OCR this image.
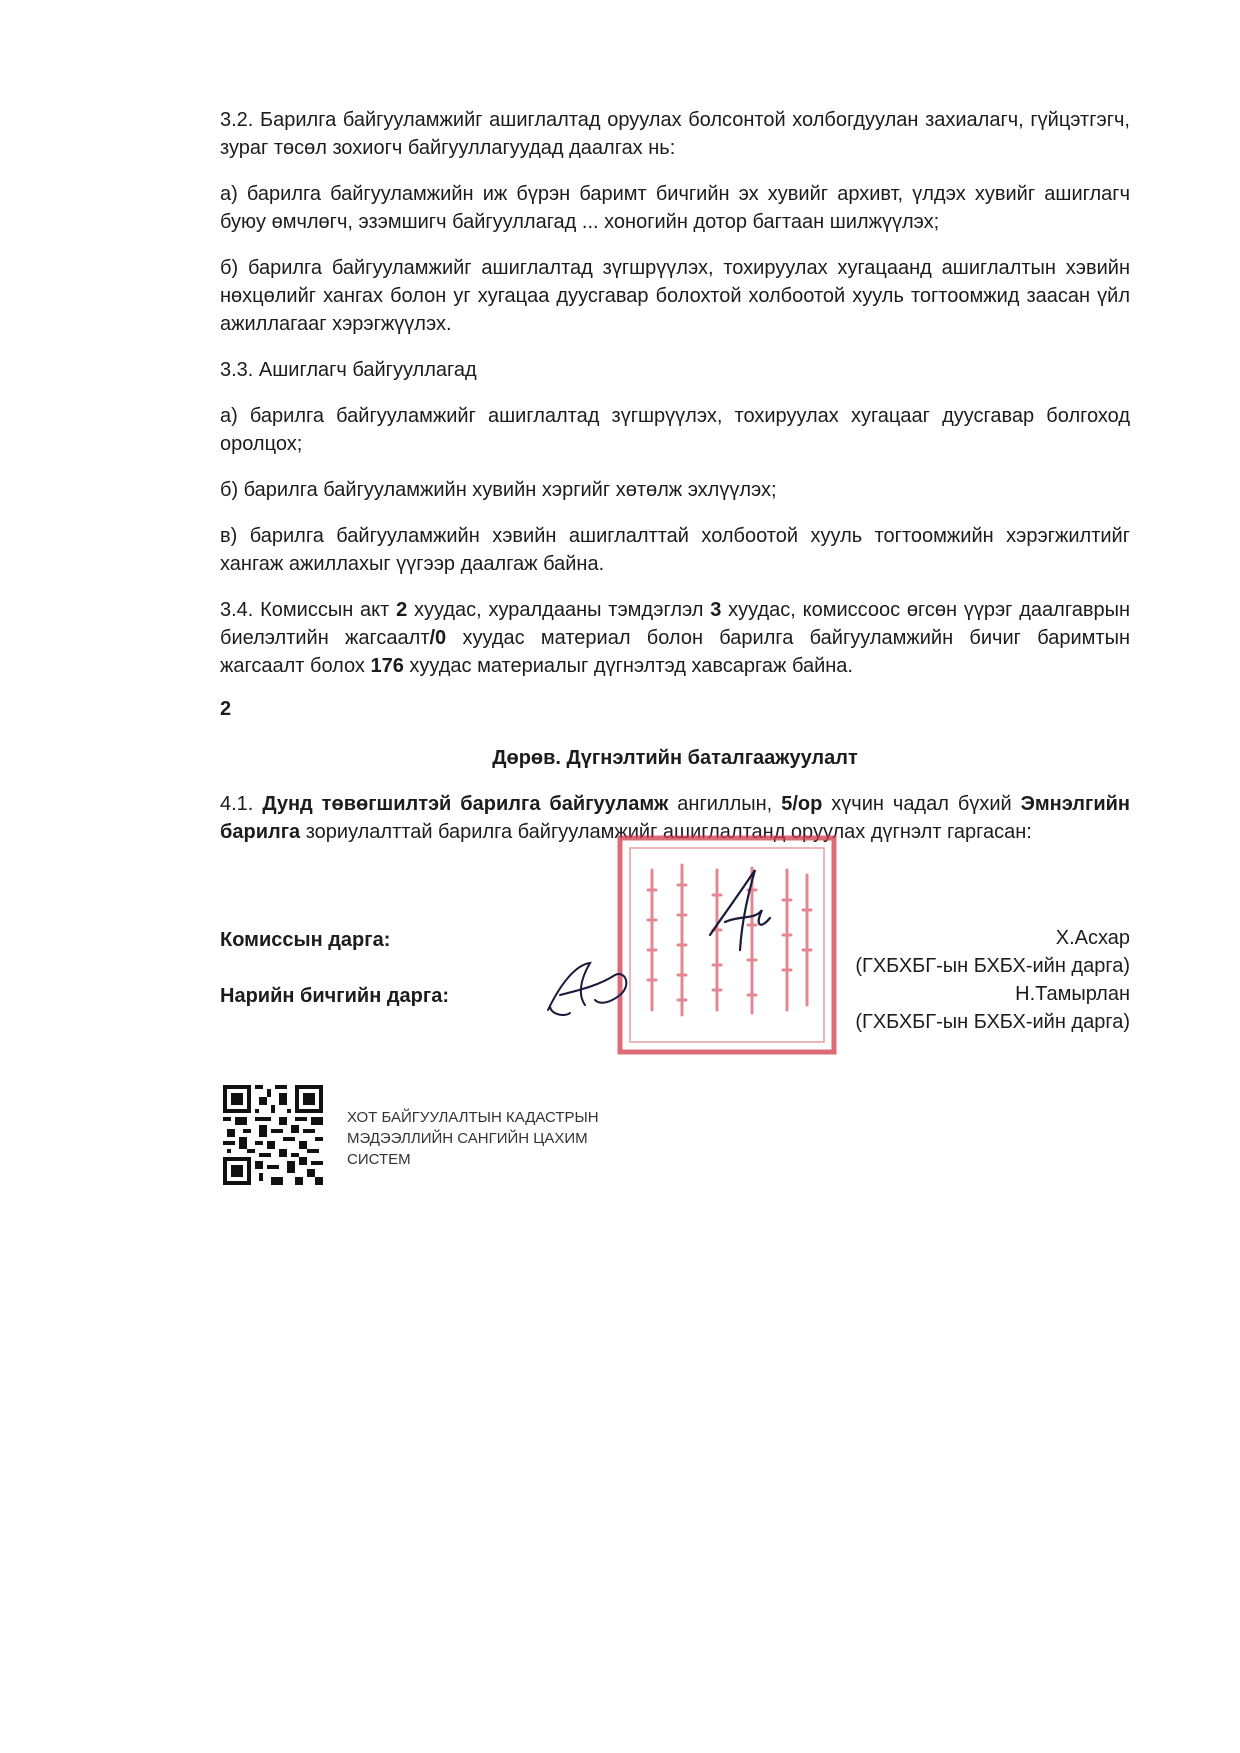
3.2. Барилга байгууламжийг ашиглалтад оруулах болсонтой холбогдуулан захиалагч, гүйцэтгэгч, зураг төсөл зохиогч байгууллагуудад даалгах нь:

а) барилга байгууламжийн иж бүрэн баримт бичгийн эх хувийг архивт, үлдэх хувийг ашиглагч буюу өмчлөгч, эзэмшигч байгууллагад ... хоногийн дотор багтаан шилжүүлэх;

б) барилга байгууламжийг ашиглалтад зүгшрүүлэх, тохируулах хугацаанд ашиглалтын хэвийн нөхцөлийг хангах болон уг хугацаа дуусгавар болохтой холбоотой хууль тогтоомжид заасан үйл ажиллагааг хэрэгжүүлэх.

3.3. Ашиглагч байгууллагад

а) барилга байгууламжийг ашиглалтад зүгшрүүлэх, тохируулах хугацааг дуусгавар болгоход оролцох;

б) барилга байгууламжийн хувийн хэргийг хөтөлж эхлүүлэх;

в) барилга байгууламжийн хэвийн ашиглалттай холбоотой хууль тогтоомжийн хэрэгжилтийг хангаж ажиллахыг үүгээр даалгаж байна.

3.4. Комиссын акт 2 хуудас, хуралдааны тэмдэглэл 3 хуудас, комиссоос өгсөн үүрэг даалгаврын биелэлтийн жагсаалт/0 хуудас материал болон барилга байгууламжийн бичиг баримтын жагсаалт болох 176 хуудас материалыг дүгнэлтэд хавсаргаж байна.

2
Дөрөв. Дүгнэлтийн баталгаажуулалт

4.1. Дунд төвөгшилтэй барилга байгууламж ангиллын, 5/ор хүчин чадал бүхий Эмнэлгийн барилга зориулалттай барилга байгууламжийг ашиглалтанд оруулах дүгнэлт гаргасан:

Комиссын дарга:	Х.Асхар
(ГХБХБГ-ын БХБХ-ийн дарга)
Нарийн бичгийн дарга:	Н.Тамырлан
(ГХБХБГ-ын БХБХ-ийн дарга)
ХОТ БАЙГУУЛАЛТЫН КАДАСТРЫН
МЭДЭЭЛЛИЙН САНГИЙН ЦАХИМ
СИСТЕМ
